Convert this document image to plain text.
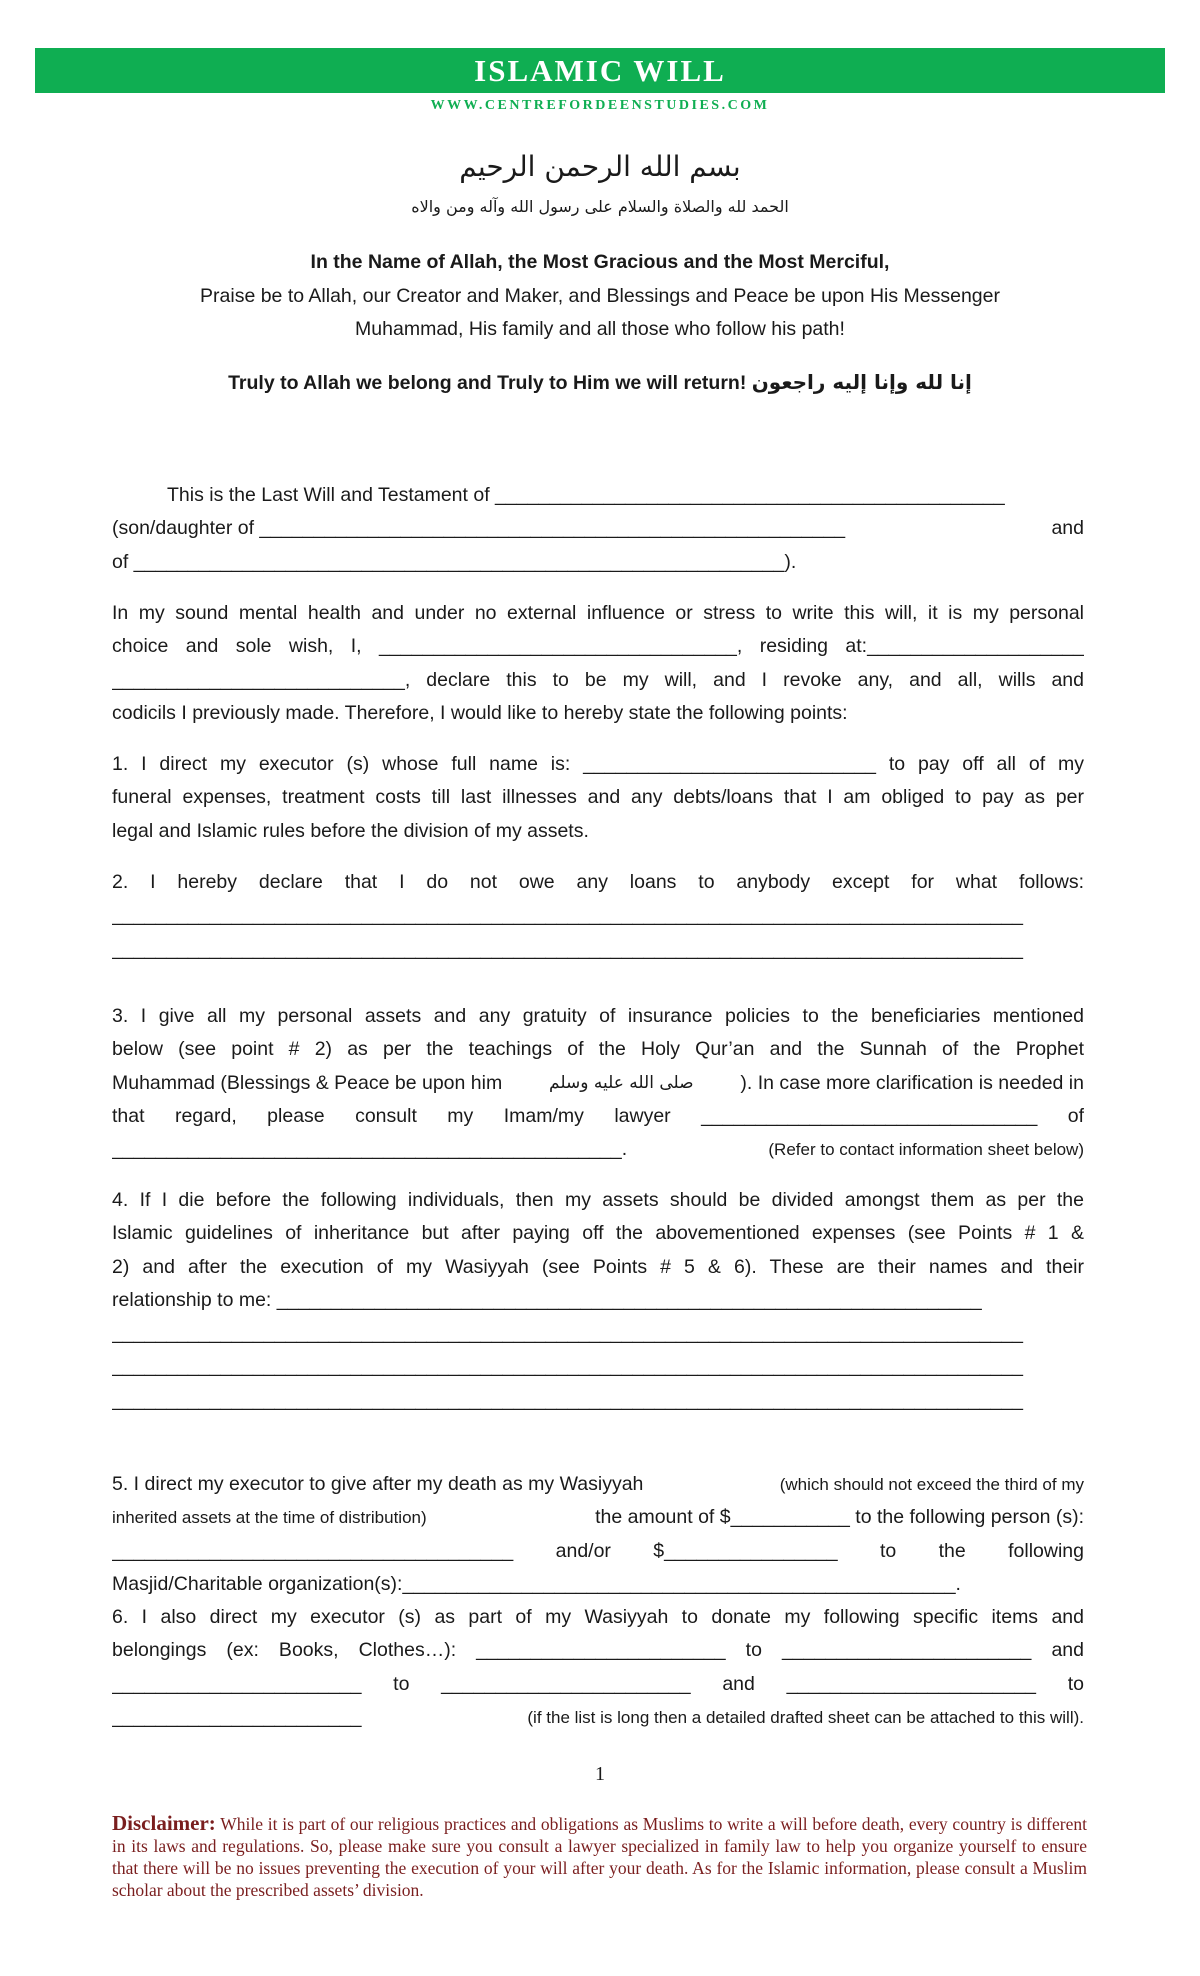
ISLAMIC WILL
WWW.CENTREFORDEENSTUDIES.COM
بسم الله الرحمن الرحيم
الحمد لله والصلاة والسلام على رسول الله وآله ومن والاه
In the Name of Allah, the Most Gracious and the Most Merciful,
Praise be to Allah, our Creator and Maker, and Blessings and Peace be upon His Messenger
Muhammad, His family and all those who follow his path!
Truly to Allah we belong and Truly to Him we will return! إنا لله وإنا إليه راجعون
This is the Last Will and Testament of _______________________________________________
(son/daughter of ______________________________________________________	and
of ____________________________________________________________).
In my sound mental health and under no external influence or stress to write this will, it is my personal
choice and sole wish, I, _________________________________, residing at:____________________
___________________________, declare this to be my will, and I revoke any, and all, wills and
codicils I previously made. Therefore, I would like to hereby state the following points:
1. I direct my executor (s) whose full name is: ___________________________ to pay off all of my
funeral expenses, treatment costs till last illnesses and any debts/loans that I am obliged to pay as per
legal and Islamic rules before the division of my assets.
2. I hereby declare that I do not owe any loans to anybody except for what follows:
____________________________________________________________________________________
____________________________________________________________________________________
3. I give all my personal assets and any gratuity of insurance policies to the beneficiaries mentioned
below (see point # 2) as per the teachings of the Holy Qur’an and the Sunnah of the Prophet
Muhammad (Blessings & Peace be upon him	صلى الله عليه وسلم ). In case more clarification is needed in
that regard, please consult my Imam/my lawyer _______________________________ of
_______________________________________________.	(Refer to contact information sheet below)
4. If I die before the following individuals, then my assets should be divided amongst them as per the
Islamic guidelines of inheritance but after paying off the abovementioned expenses (see Points # 1 &
2) and after the execution of my Wasiyyah (see Points # 5 & 6). These are their names and their
relationship to me: _________________________________________________________________
____________________________________________________________________________________
____________________________________________________________________________________
____________________________________________________________________________________
5. I direct my executor to give after my death as my Wasiyyah	(which should not exceed the third of my
inherited assets at the time of distribution)	the amount of $___________ to the following person (s):
_____________________________________ and/or $________________ to the following
Masjid/Charitable organization(s):___________________________________________________.
6. I also direct my executor (s) as part of my Wasiyyah to donate my following specific items and
belongings (ex: Books, Clothes…): _______________________ to _______________________ and
_______________________ to _______________________ and _______________________ to
_______________________	(if the list is long then a detailed drafted sheet can be attached to this will).
1
Disclaimer: While it is part of our religious practices and obligations as Muslims to write a will before death, every country is different in its laws and regulations. So, please make sure you consult a lawyer specialized in family law to help you organize yourself to ensure that there will be no issues preventing the execution of your will after your death. As for the Islamic information, please consult a Muslim scholar about the prescribed assets’ division.
